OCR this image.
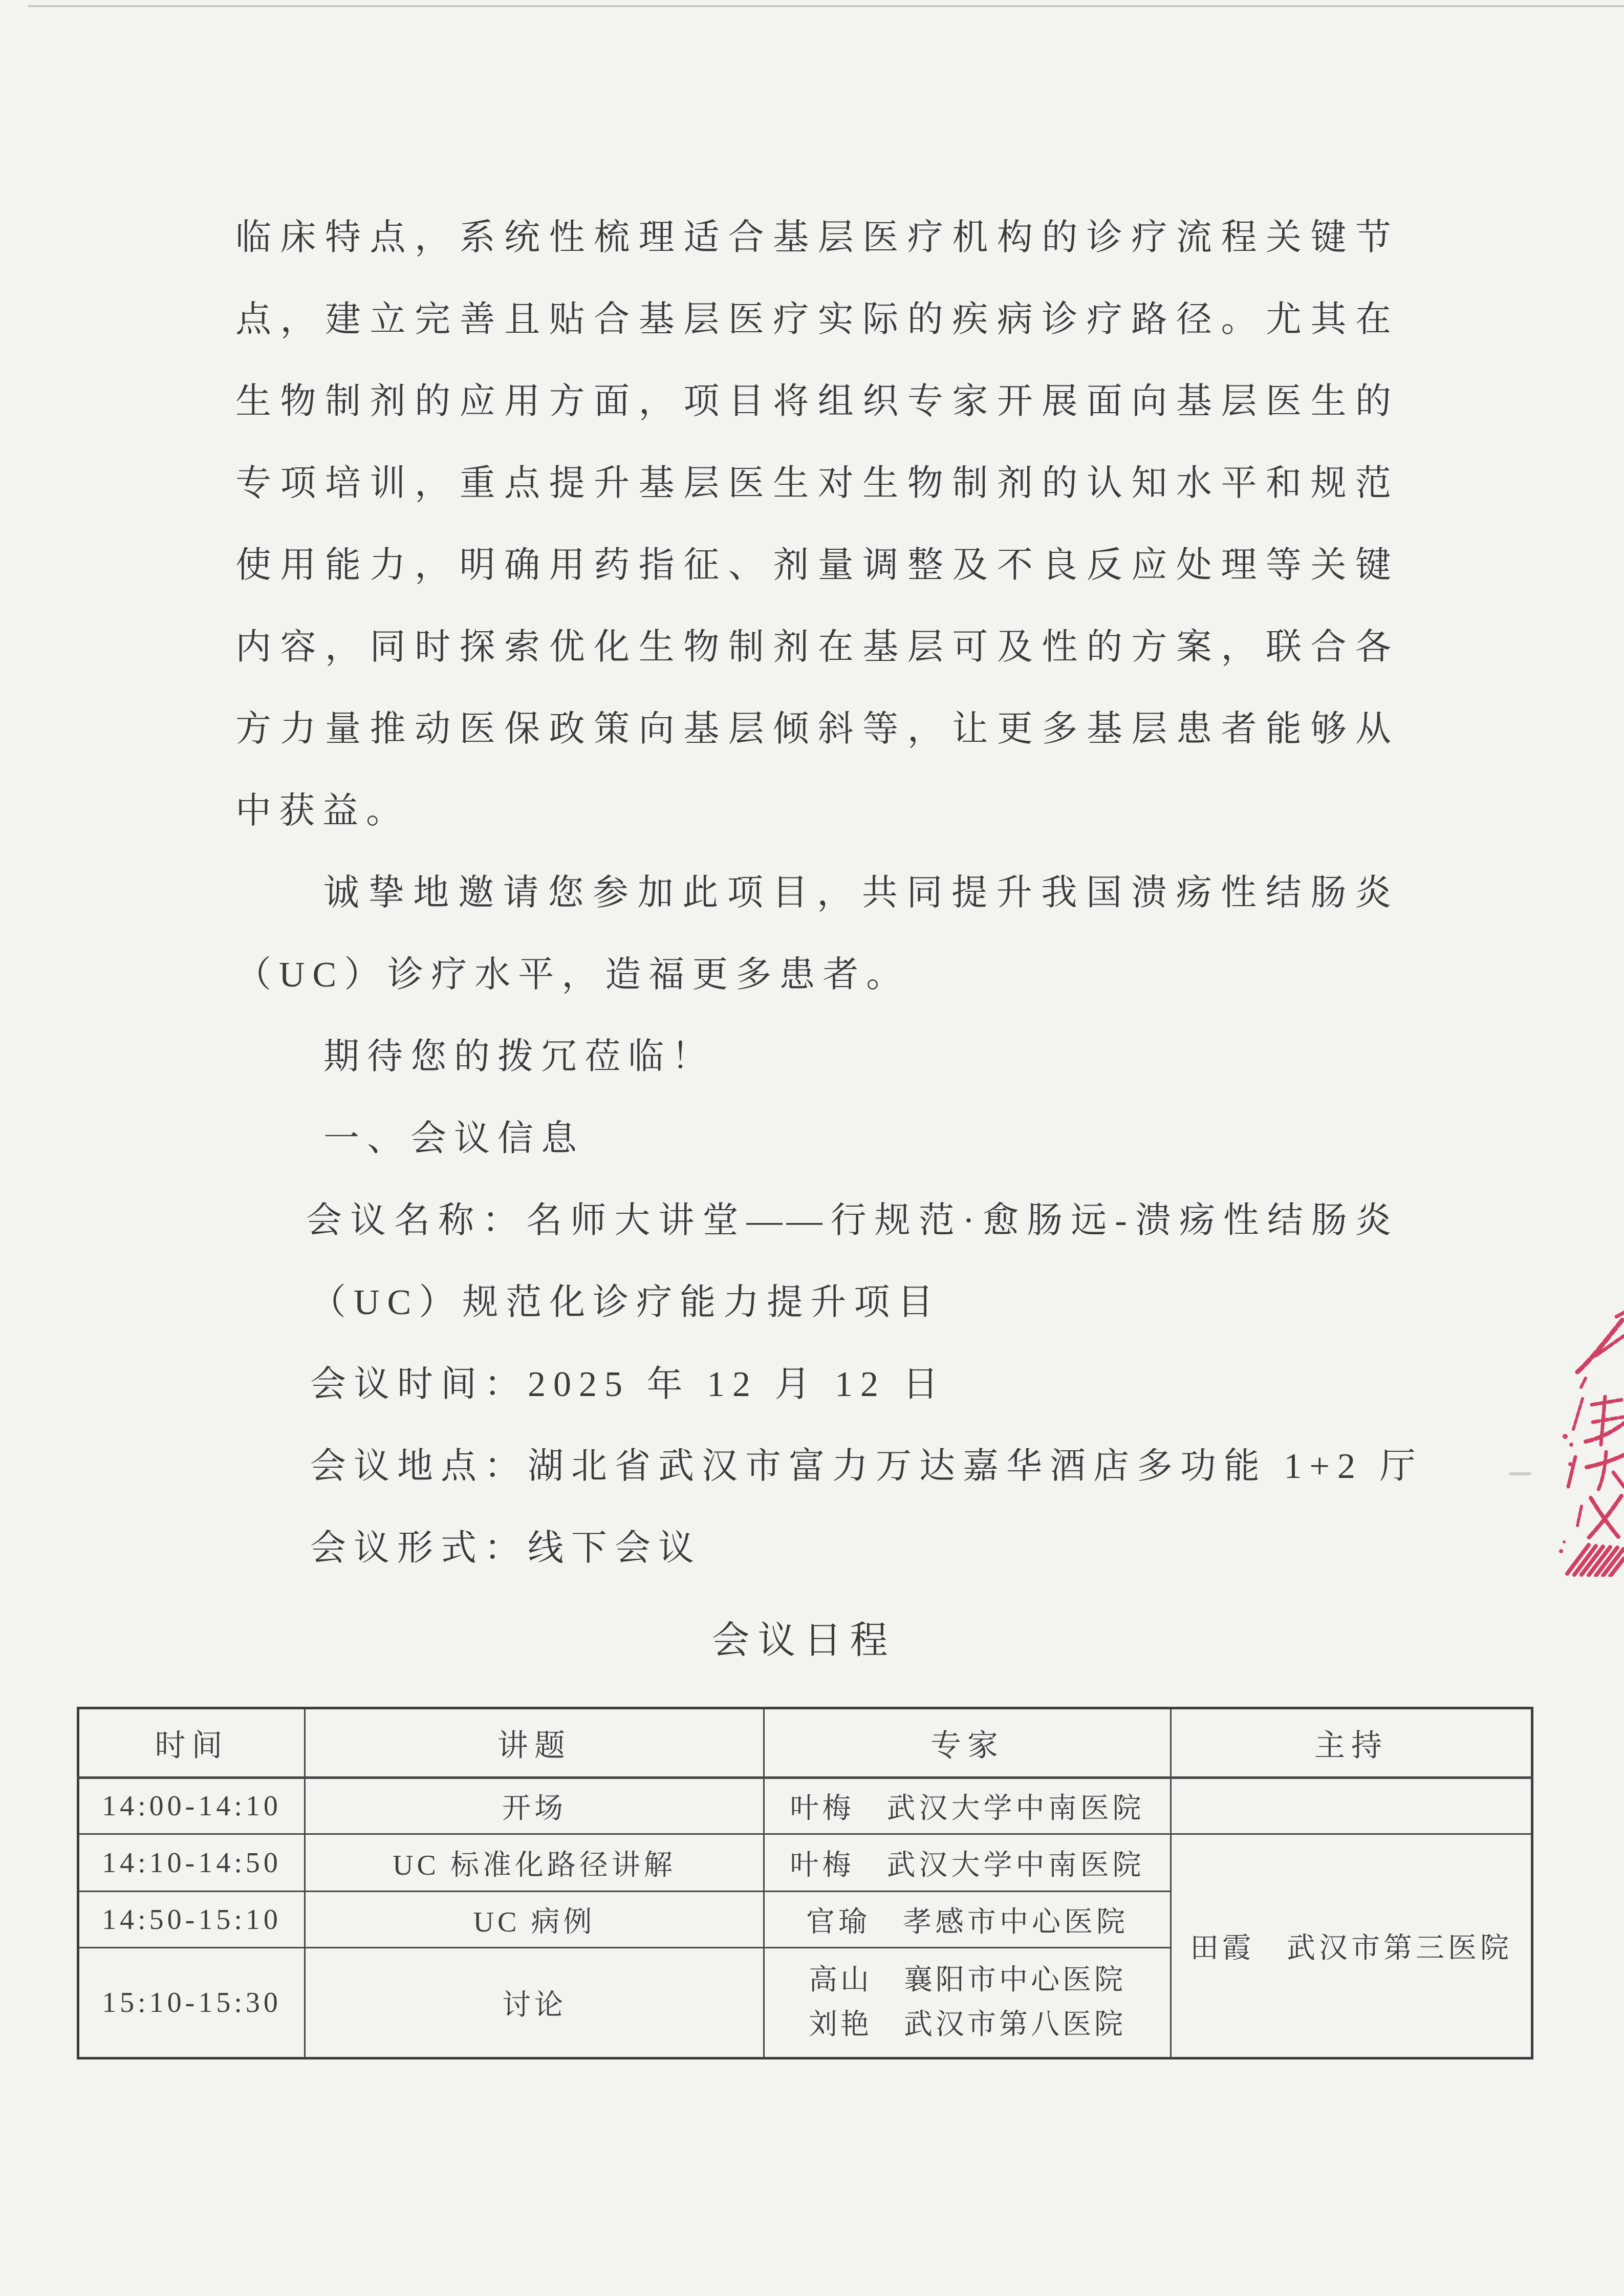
临床特点，系统性梳理适合基层医疗机构的诊疗流程关键节
点，建立完善且贴合基层医疗实际的疾病诊疗路径。尤其在
生物制剂的应用方面，项目将组织专家开展面向基层医生的
专项培训，重点提升基层医生对生物制剂的认知水平和规范
使用能力，明确用药指征、剂量调整及不良反应处理等关键
内容，同时探索优化生物制剂在基层可及性的方案，联合各
方力量推动医保政策向基层倾斜等，让更多基层患者能够从
中获益。
诚挚地邀请您参加此项目，共同提升我国溃疡性结肠炎
（UC）诊疗水平，造福更多患者。
期待您的拨冗莅临！
一、会议信息
会议名称：名师大讲堂——行规范·愈肠远-溃疡性结肠炎
（UC）规范化诊疗能力提升项目
会议时间：2025 年 12 月 12 日
会议地点：湖北省武汉市富力万达嘉华酒店多功能 1+2 厅
会议形式：线下会议
会议日程
时间	讲题	专家	主持
14:00-14:10	开场	叶梅　武汉大学中南医院	
14:10-14:50	UC 标准化路径讲解	叶梅　武汉大学中南医院	田霞　武汉市第三医院
14:50-15:10	UC 病例	官瑜　孝感市中心医院	
15:10-15:30	讨论	高山　襄阳市中心医院
刘艳　武汉市第八医院	
